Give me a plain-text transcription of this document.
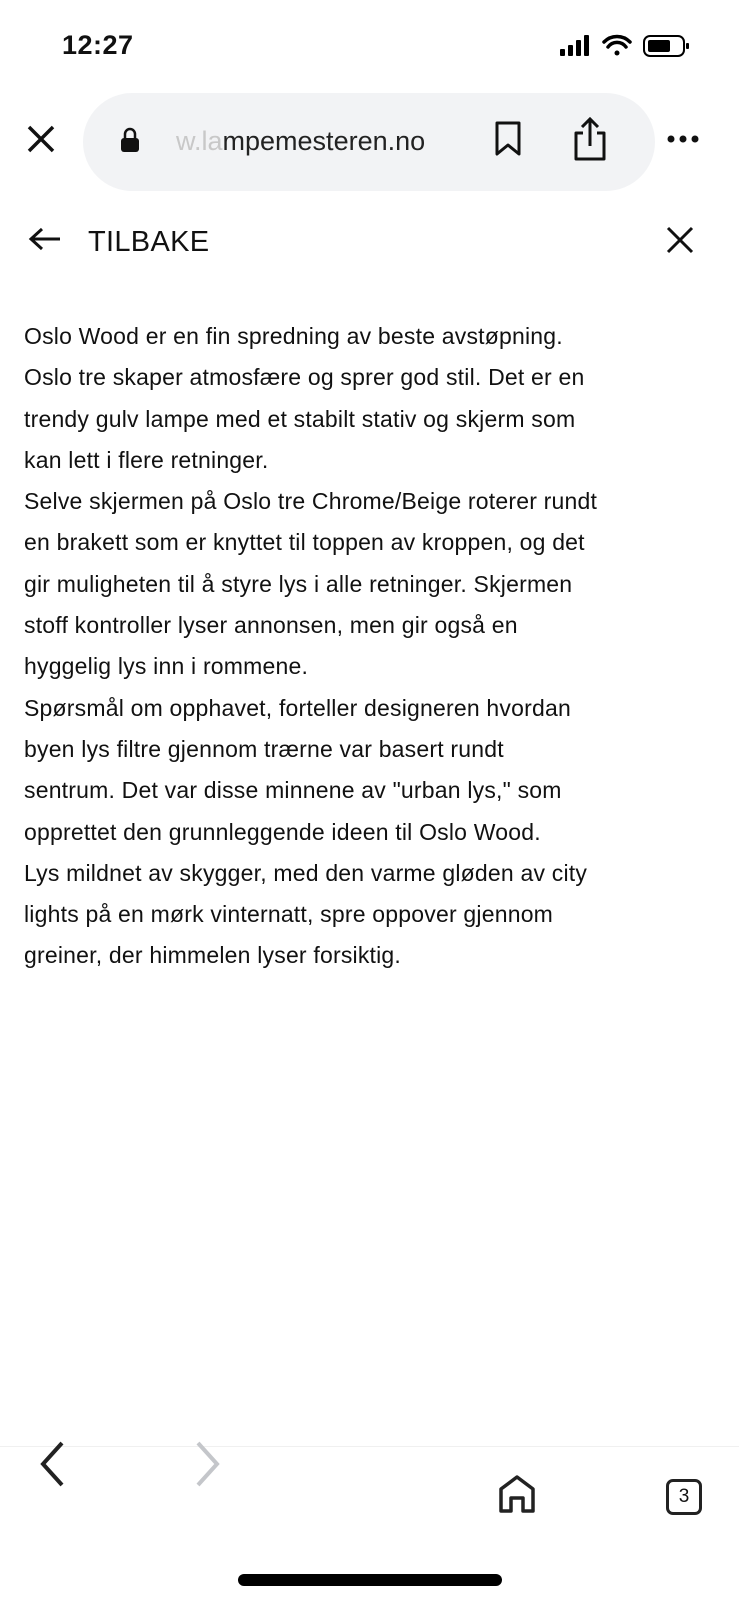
12:27
w.lampemesteren.no
TILBAKE
Oslo Wood er en fin spredning av beste avstøpning.
Oslo tre skaper atmosfære og sprer god stil. Det er en
trendy gulv lampe med et stabilt stativ og skjerm som
kan lett i flere retninger.
Selve skjermen på Oslo tre Chrome/Beige roterer rundt
en brakett som er knyttet til toppen av kroppen, og det
gir muligheten til å styre lys i alle retninger. Skjermen
stoff kontroller lyser annonsen, men gir også en
hyggelig lys inn i rommene.
Spørsmål om opphavet, forteller designeren hvordan
byen lys filtre gjennom trærne var basert rundt
sentrum. Det var disse minnene av "urban lys," som
opprettet den grunnleggende ideen til Oslo Wood.
Lys mildnet av skygger, med den varme gløden av city
lights på en mørk vinternatt, spre oppover gjennom
greiner, der himmelen lyser forsiktig.
3
